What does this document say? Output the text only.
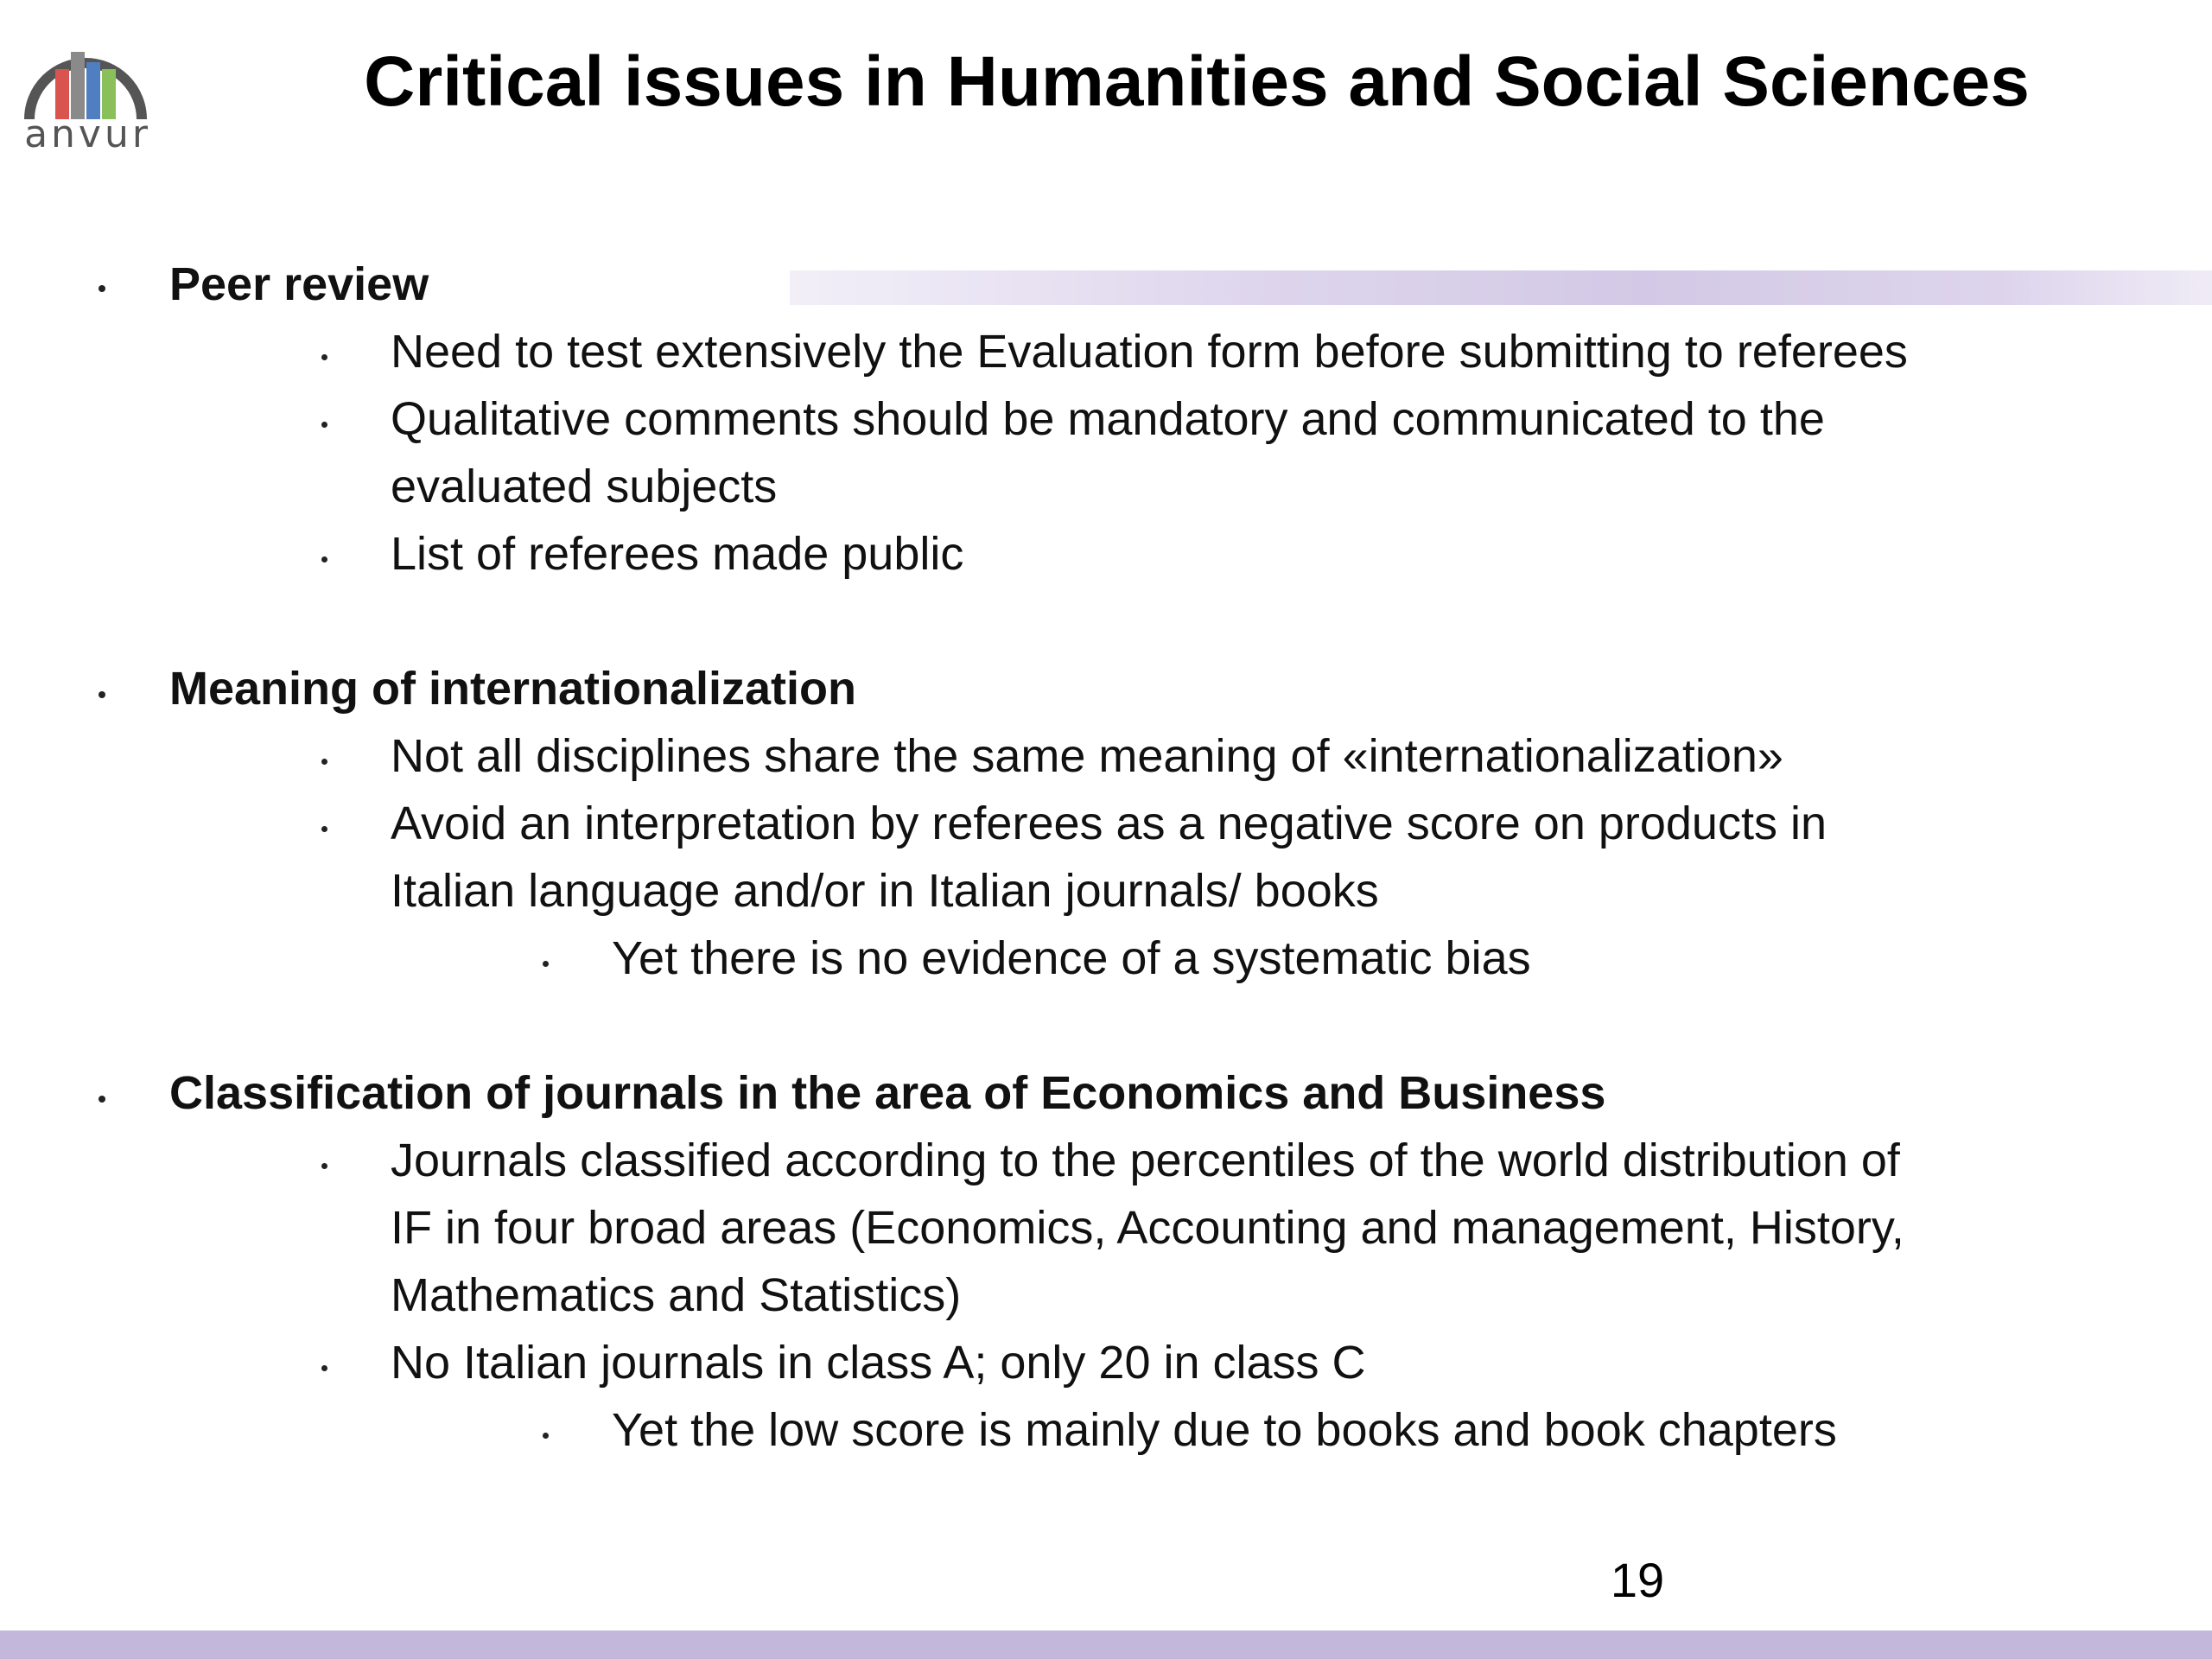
anvur
Critical issues in Humanities and Social Sciences
Peer review
Need to test extensively the Evaluation form before submitting to referees
Qualitative comments should be mandatory and communicated to the
evaluated subjects
List of referees made public
Meaning of internationalization
Not all disciplines share the same meaning of «internationalization»
Avoid an interpretation by referees as a negative score on products in
Italian language and/or in Italian journals/ books
Yet there is no evidence of a systematic bias
Classification of journals in the area of Economics and Business
Journals classified according to the percentiles of the world distribution of
IF in four broad areas (Economics, Accounting and management, History,
Mathematics and Statistics)
No Italian journals in class A; only 20 in class C
Yet the low score is mainly due to books and book chapters
19
